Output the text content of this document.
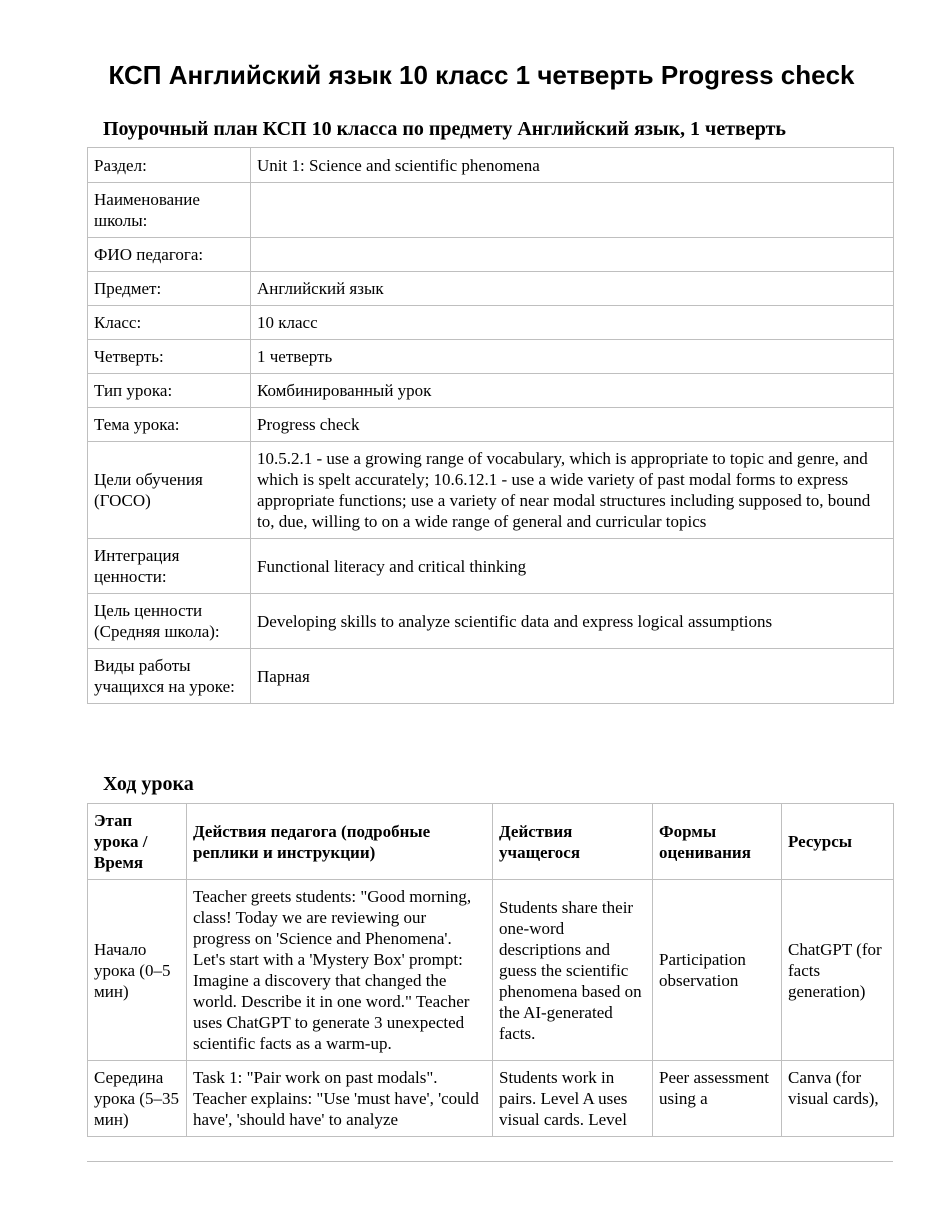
КСП Английский язык 10 класс 1 четверть Progress check
Поурочный план КСП 10 класса по предмету Английский язык, 1 четверть
Раздел:	Unit 1: Science and scientific phenomena
Наименование школы:	
ФИО педагога:	
Предмет:	Английский язык
Класс:	10 класс
Четверть:	1 четверть
Тип урока:	Комбинированный урок
Тема урока:	Progress check
Цели обучения (ГОСО)	10.5.2.1 - use a growing range of vocabulary, which is appropriate to topic and genre, and which is spelt accurately; 10.6.12.1 - use a wide variety of past modal forms to express appropriate functions; use a variety of near modal structures including supposed to, bound to, due, willing to on a wide range of general and curricular topics
Интеграция ценности:	Functional literacy and critical thinking
Цель ценности (Средняя школа):	Developing skills to analyze scientific data and express logical assumptions
Виды работы учащихся на уроке:	Парная
Ход урока
Этап урока / Время	Действия педагога (подробные реплики и инструкции)	Действия учащегося	Формы оценивания	Ресурсы
Начало урока (0–5 мин)	Teacher greets students: "Good morning, class! Today we are reviewing our progress on 'Science and Phenomena'. Let's start with a 'Mystery Box' prompt: Imagine a discovery that changed the world. Describe it in one word." Teacher uses ChatGPT to generate 3 unexpected scientific facts as a warm-up.	Students share their one-word descriptions and guess the scientific phenomena based on the AI-generated facts.	Participation observation	ChatGPT (for facts generation)
Середина урока (5–35 мин)	Task 1: "Pair work on past modals". Teacher explains: "Use 'must have', 'could have', 'should have' to analyze	Students work in pairs. Level A uses visual cards. Level	Peer assessment using a	Canva (for visual cards),
